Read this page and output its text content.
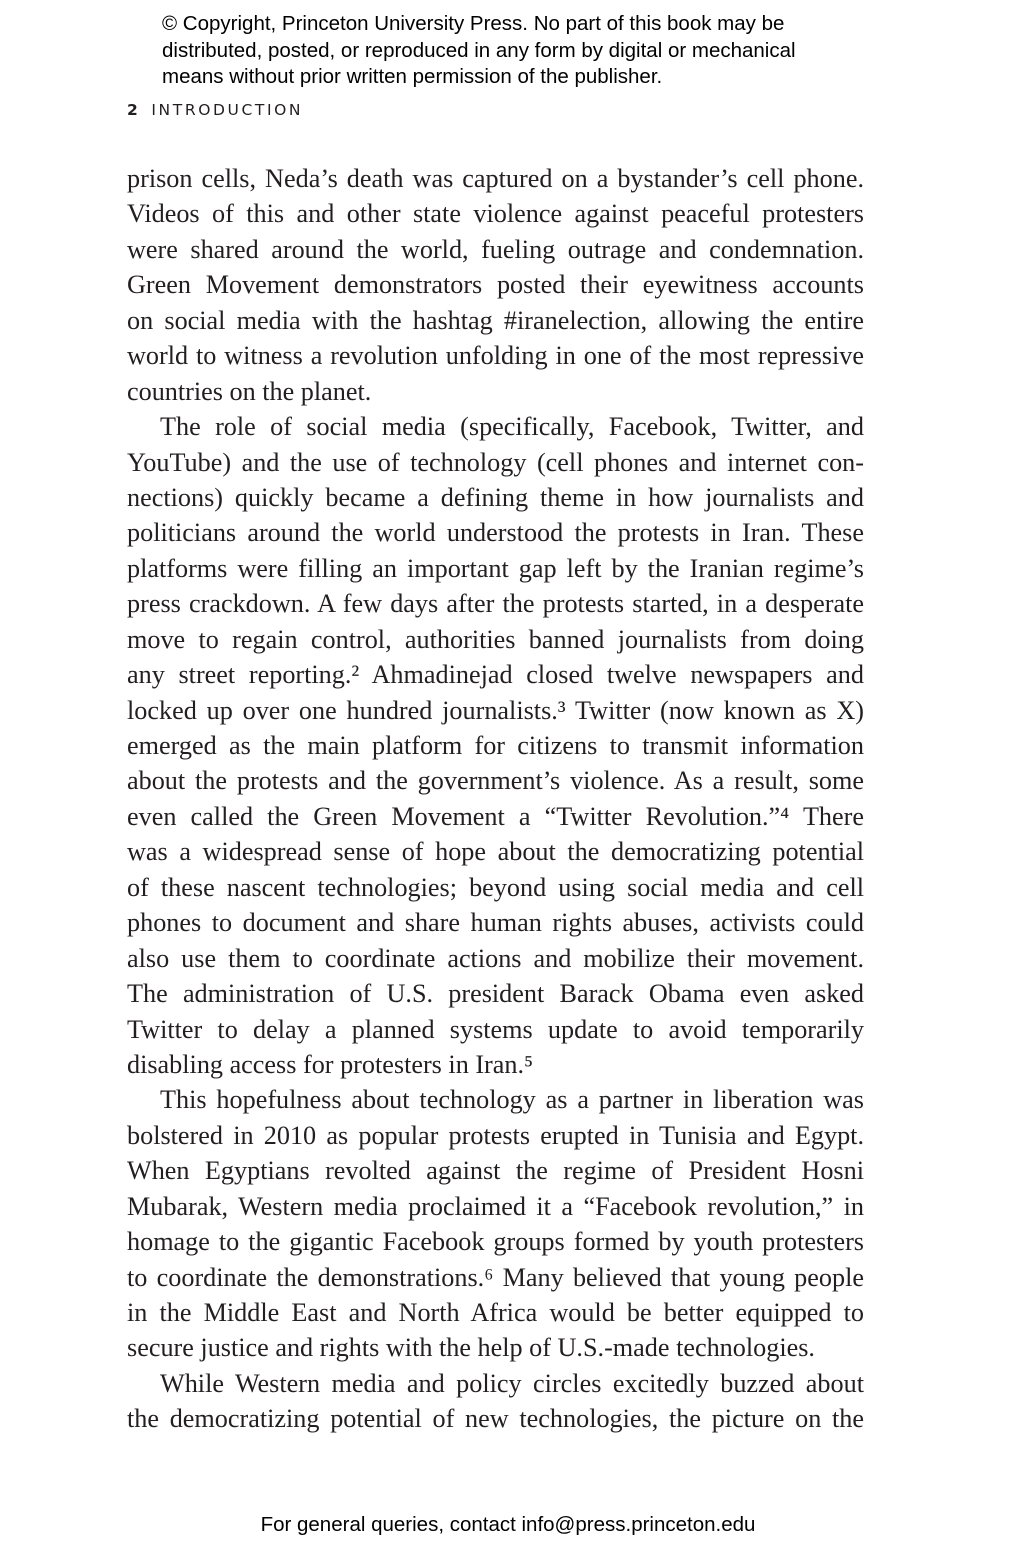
© Copyright, Princeton University Press. No part of this book may be
distributed, posted, or reproduced in any form by digital or mechanical
means without prior written permission of the publisher.
2 INTRODUCTION
prison cells, Neda’s death was captured on a bystander’s cell phone.
Videos of this and other state violence against peaceful protesters
were shared around the world, fueling outrage and condemnation.
Green Movement demonstrators posted their eyewitness accounts
on social media with the hashtag #iranelection, allowing the entire
world to witness a revolution unfolding in one of the most repressive
countries on the planet.
The role of social media (specifically, Facebook, Twitter, and
YouTube) and the use of technology (cell phones and internet con-
nections) quickly became a defining theme in how journalists and
politicians around the world understood the protests in Iran. These
platforms were filling an important gap left by the Iranian regime’s
press crackdown. A few days after the protests started, in a desperate
move to regain control, authorities banned journalists from doing
any street reporting.² Ahmadinejad closed twelve newspapers and
locked up over one hundred journalists.³ Twitter (now known as X)
emerged as the main platform for citizens to transmit information
about the protests and the government’s violence. As a result, some
even called the Green Movement a “Twitter Revolution.”⁴ There
was a widespread sense of hope about the democratizing potential
of these nascent technologies; beyond using social media and cell
phones to document and share human rights abuses, activists could
also use them to coordinate actions and mobilize their movement.
The administration of U.S. president Barack Obama even asked
Twitter to delay a planned systems update to avoid temporarily
disabling access for protesters in Iran.⁵
This hopefulness about technology as a partner in liberation was
bolstered in 2010 as popular protests erupted in Tunisia and Egypt.
When Egyptians revolted against the regime of President Hosni
Mubarak, Western media proclaimed it a “Facebook revolution,” in
homage to the gigantic Facebook groups formed by youth protesters
to coordinate the demonstrations.⁶ Many believed that young people
in the Middle East and North Africa would be better equipped to
secure justice and rights with the help of U.S.-made technologies.
While Western media and policy circles excitedly buzzed about
the democratizing potential of new technologies, the picture on the
For general queries, contact info@press.princeton.edu
